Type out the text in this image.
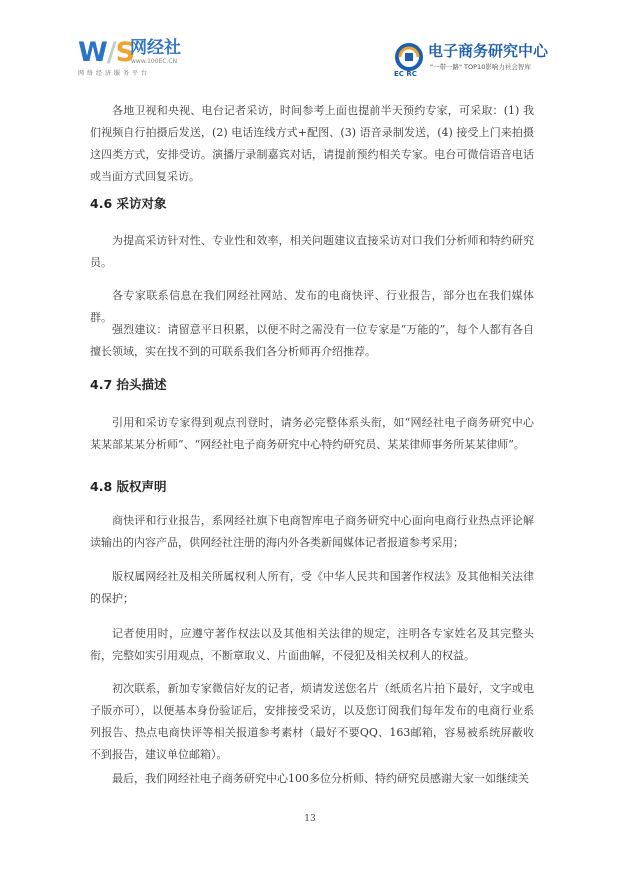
W/S
网经社
www.100EC.CN
网络经济服务平台	EC RC
电子商务研究中心
"一带一路" TOP10影响力社会智库

各地卫视和央视、电台记者采访，时间参考上面也提前半天预约专家，可采取：(1) 我们视频自行拍摄后发送，(2) 电话连线方式+配图、(3) 语音录制发送，(4) 接受上门来拍摄这四类方式，安排受访。演播厅录制嘉宾对话，请提前预约相关专家。电台可微信语音电话或当面方式回复采访。

4.6 采访对象

为提高采访针对性、专业性和效率，相关问题建议直接采访对口我们分析师和特约研究员。

各专家联系信息在我们网经社网站、发布的电商快评、行业报告，部分也在我们媒体群。

强烈建议：请留意平日积累，以便不时之需没有一位专家是“万能的”，每个人都有各自擅长领域，实在找不到的可联系我们各分析师再介绍推荐。

4.7 抬头描述

引用和采访专家得到观点刊登时，请务必完整体系头衔，如“网经社电子商务研究中心某某部某某分析师”、“网经社电子商务研究中心特约研究员、某某律师事务所某某律师”。

4.8 版权声明

商快评和行业报告，系网经社旗下电商智库电子商务研究中心面向电商行业热点评论解读输出的内容产品，供网经社注册的海内外各类新闻媒体记者报道参考采用；

版权属网经社及相关所属权利人所有，受《中华人民共和国著作权法》及其他相关法律的保护；

记者使用时，应遵守著作权法以及其他相关法律的规定，注明各专家姓名及其完整头衔，完整如实引用观点，不断章取义、片面曲解，不侵犯及相关权利人的权益。

初次联系，新加专家微信好友的记者，烦请发送您名片（纸质名片拍下最好，文字或电子版亦可），以便基本身份验证后，安排接受采访，以及您订阅我们每年发布的电商行业系列报告、热点电商快评等相关报道参考素材（最好不要QQ、163邮箱，容易被系统屏蔽收不到报告，建议单位邮箱）。

最后，我们网经社电子商务研究中心100多位分析师、特约研究员感谢大家一如继续关

13
